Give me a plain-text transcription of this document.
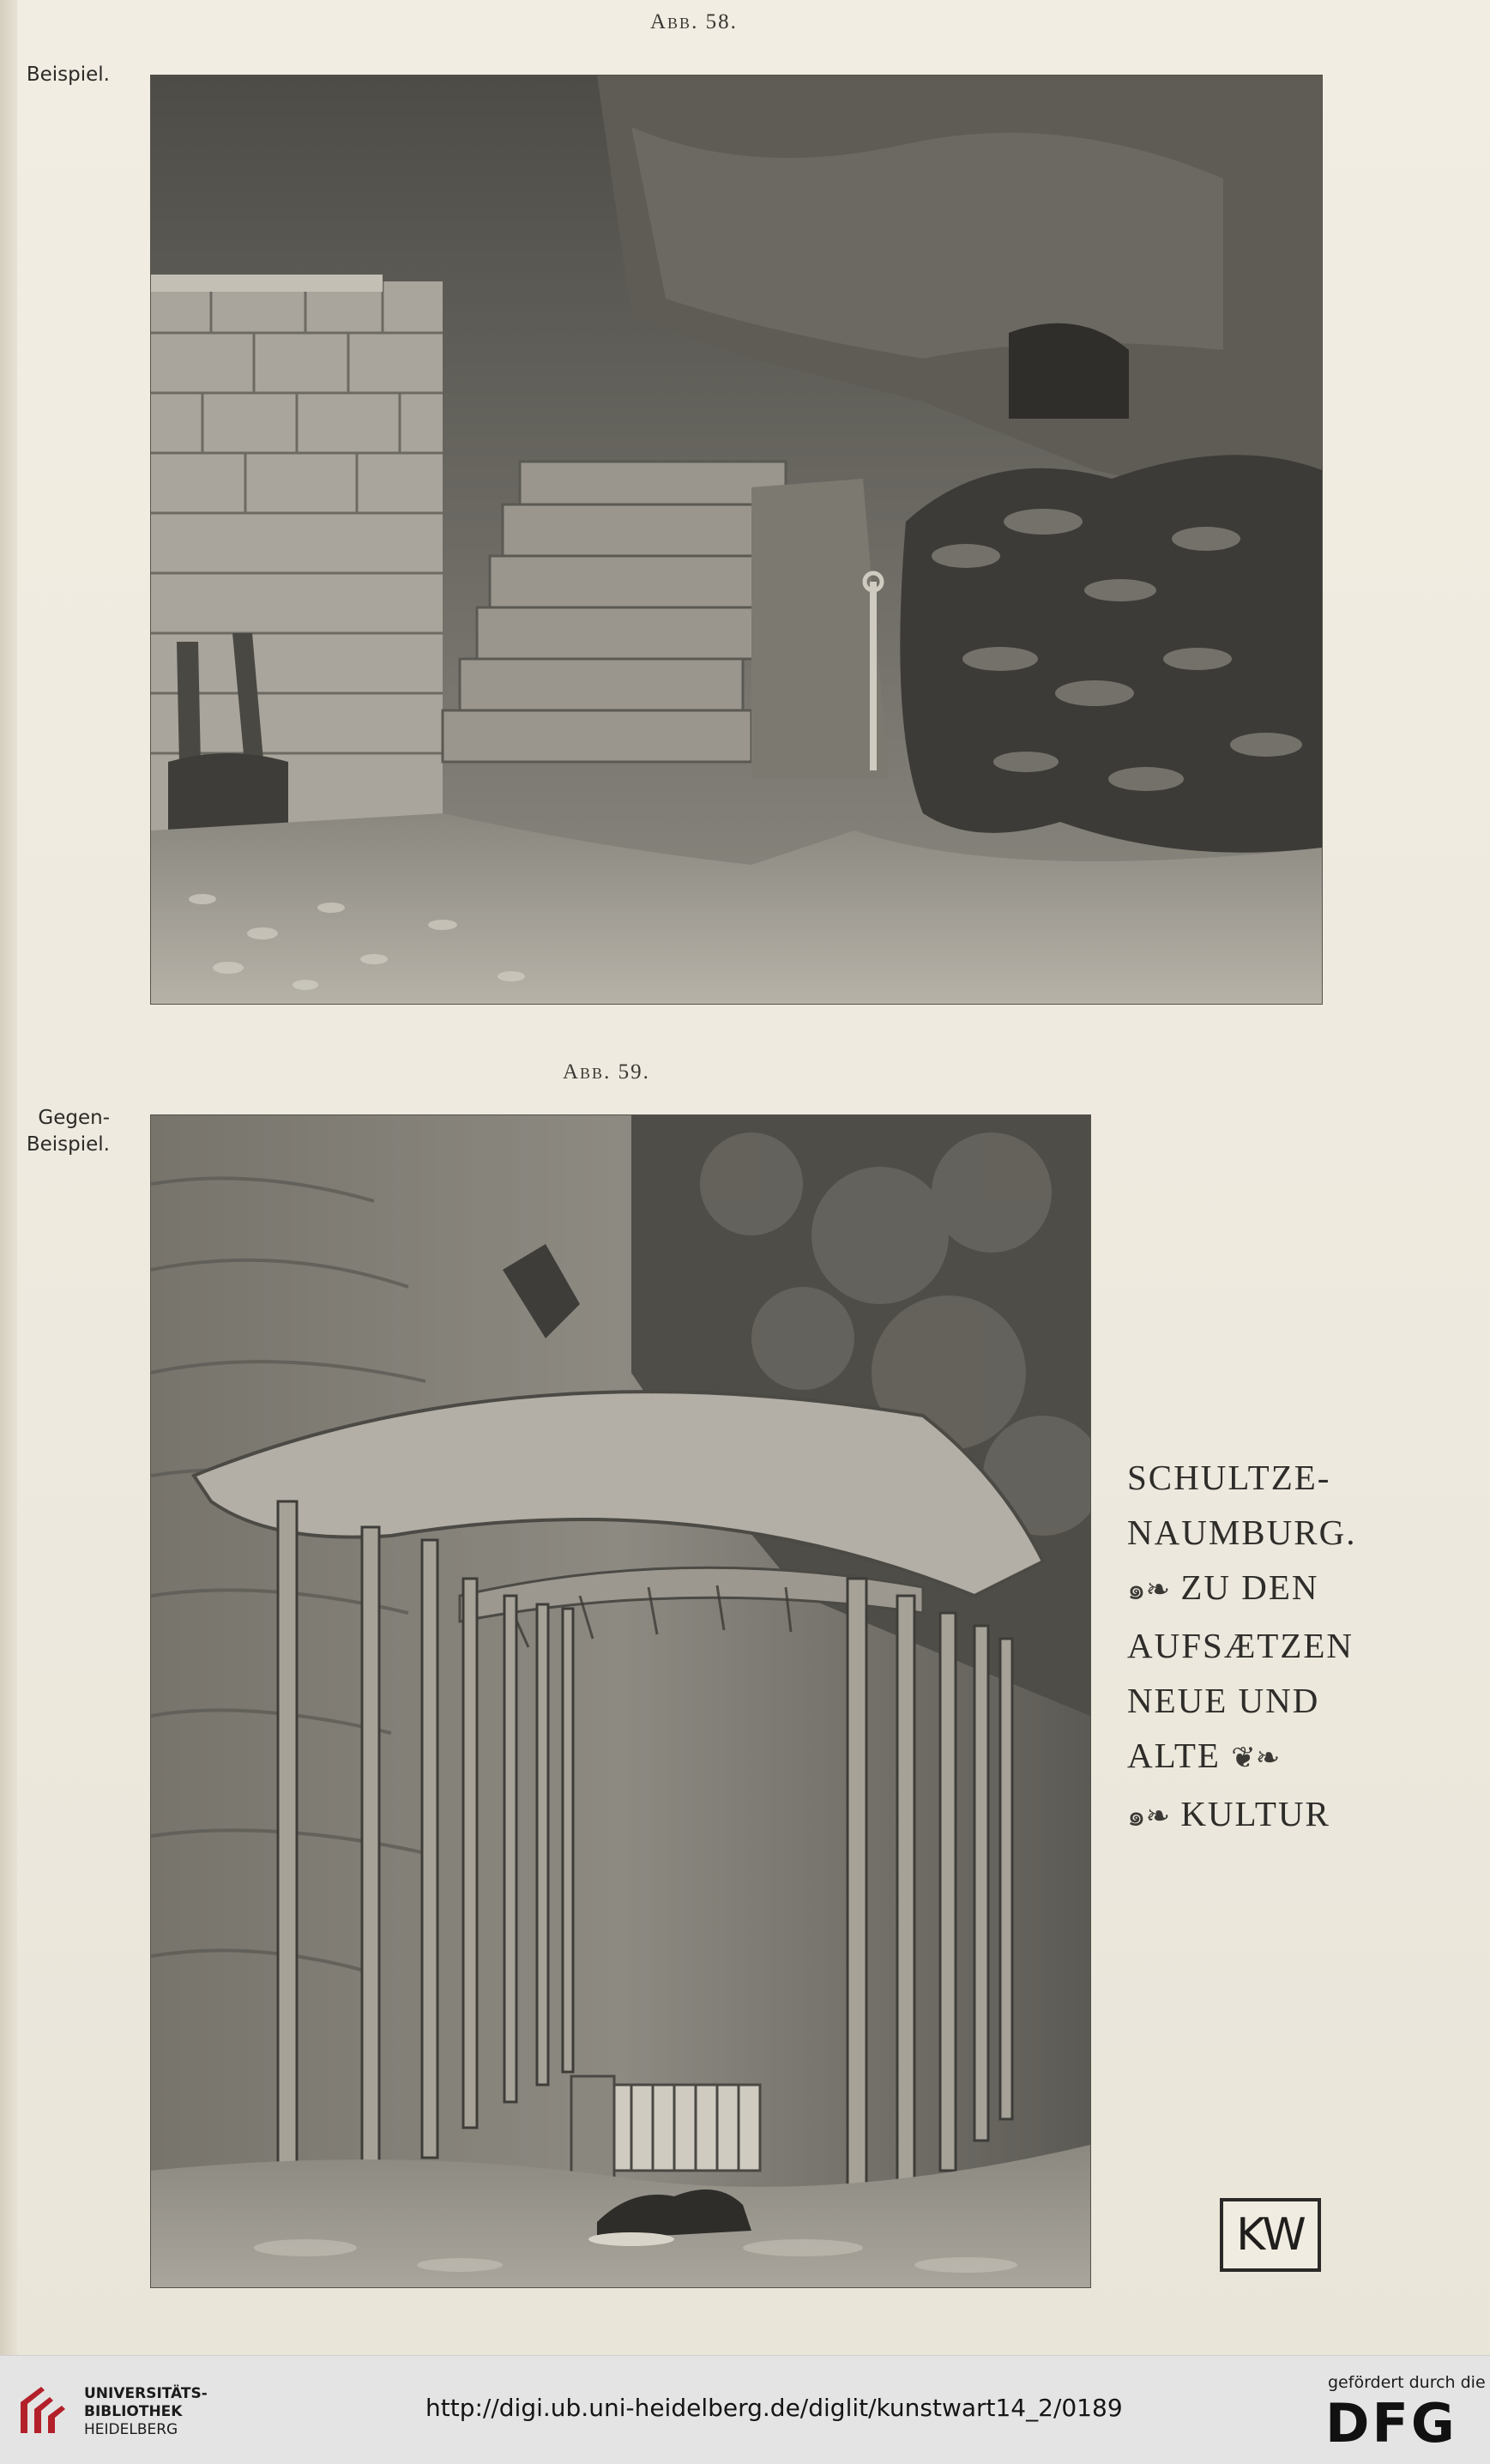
Abb. 58.
Beispiel.
Abb. 59.
Gegen-
Beispiel.
SCHULTZE-
NAUMBURG.
๑❧ ZU DEN
AUFSÆTZEN
NEUE UND
ALTE ❦❧
๑❧ KULTUR
KW
UNIVERSITÄTS-
BIBLIOTHEK
HEIDELBERG
http://digi.ub.uni-heidelberg.de/diglit/kunstwart14_2/0189
gefördert durch die
DFG
